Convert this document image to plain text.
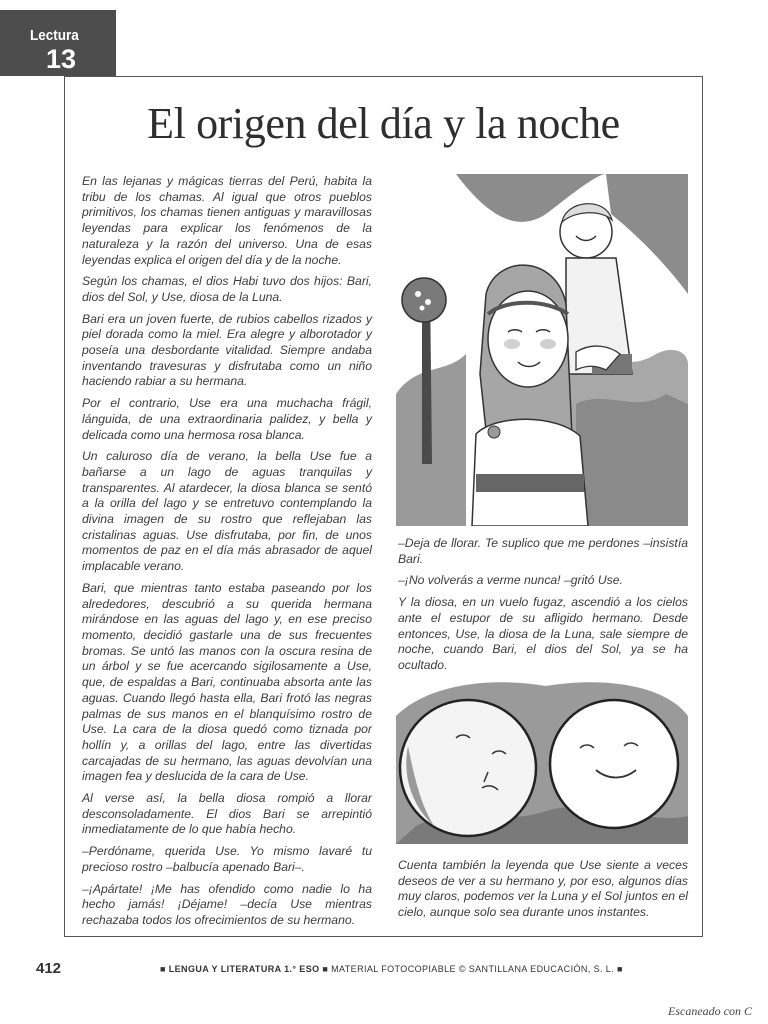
Lectura
13
El origen del día y la noche

En las lejanas y mágicas tierras del Perú, habita la tribu de los chamas. Al igual que otros pueblos primitivos, los chamas tienen antiguas y maravillosas leyendas para explicar los fenómenos de la naturaleza y la razón del universo. Una de esas leyendas explica el origen del día y de la noche.

Según los chamas, el dios Habi tuvo dos hijos: Bari, dios del Sol, y Use, diosa de la Luna.

Bari era un joven fuerte, de rubios cabellos rizados y piel dorada como la miel. Era alegre y alborotador y poseía una desbordante vitalidad. Siempre andaba inventando travesuras y disfrutaba como un niño haciendo rabiar a su hermana.

Por el contrario, Use era una muchacha frágil, lánguida, de una extraordinaria palidez, y bella y delicada como una hermosa rosa blanca.

Un caluroso día de verano, la bella Use fue a bañarse a un lago de aguas tranquilas y transparentes. Al atardecer, la diosa blanca se sentó a la orilla del lago y se entretuvo contemplando la divina imagen de su rostro que reflejaban las cristalinas aguas. Use disfrutaba, por fin, de unos momentos de paz en el día más abrasador de aquel implacable verano.

Bari, que mientras tanto estaba paseando por los alrededores, descubrió a su querida hermana mirándose en las aguas del lago y, en ese preciso momento, decidió gastarle una de sus frecuentes bromas. Se untó las manos con la oscura resina de un árbol y se fue acercando sigilosamente a Use, que, de espaldas a Bari, continuaba absorta ante las aguas. Cuando llegó hasta ella, Bari frotó las negras palmas de sus manos en el blanquísimo rostro de Use. La cara de la diosa quedó como tiznada por hollín y, a orillas del lago, entre las divertidas carcajadas de su hermano, las aguas devolvían una imagen fea y deslucida de la cara de Use.

Al verse así, la bella diosa rompió a llorar desconsoladamente. El dios Bari se arrepintió inmediatamente de lo que había hecho.

–Perdóname, querida Use. Yo mismo lavaré tu precioso rostro –balbucía apenado Bari–.

–¡Apártate! ¡Me has ofendido como nadie lo ha hecho jamás! ¡Déjame! –decía Use mientras rechazaba todos los ofrecimientos de su hermano.

–Deja de llorar. Te suplico que me perdones –insistía Bari.

–¡No volverás a verme nunca! –gritó Use.

Y la diosa, en un vuelo fugaz, ascendió a los cielos ante el estupor de su afligido hermano. Desde entonces, Use, la diosa de la Luna, sale siempre de noche, cuando Bari, el dios del Sol, ya se ha ocultado.

Cuenta también la leyenda que Use siente a veces deseos de ver a su hermano y, por eso, algunos días muy claros, podemos ver la Luna y el Sol juntos en el cielo, aunque solo sea durante unos instantes.

412	■ LENGUA Y LITERATURA 1.° ESO ■ MATERIAL FOTOCOPIABLE © SANTILLANA EDUCACIÓN, S. L. ■
Escaneado con C
